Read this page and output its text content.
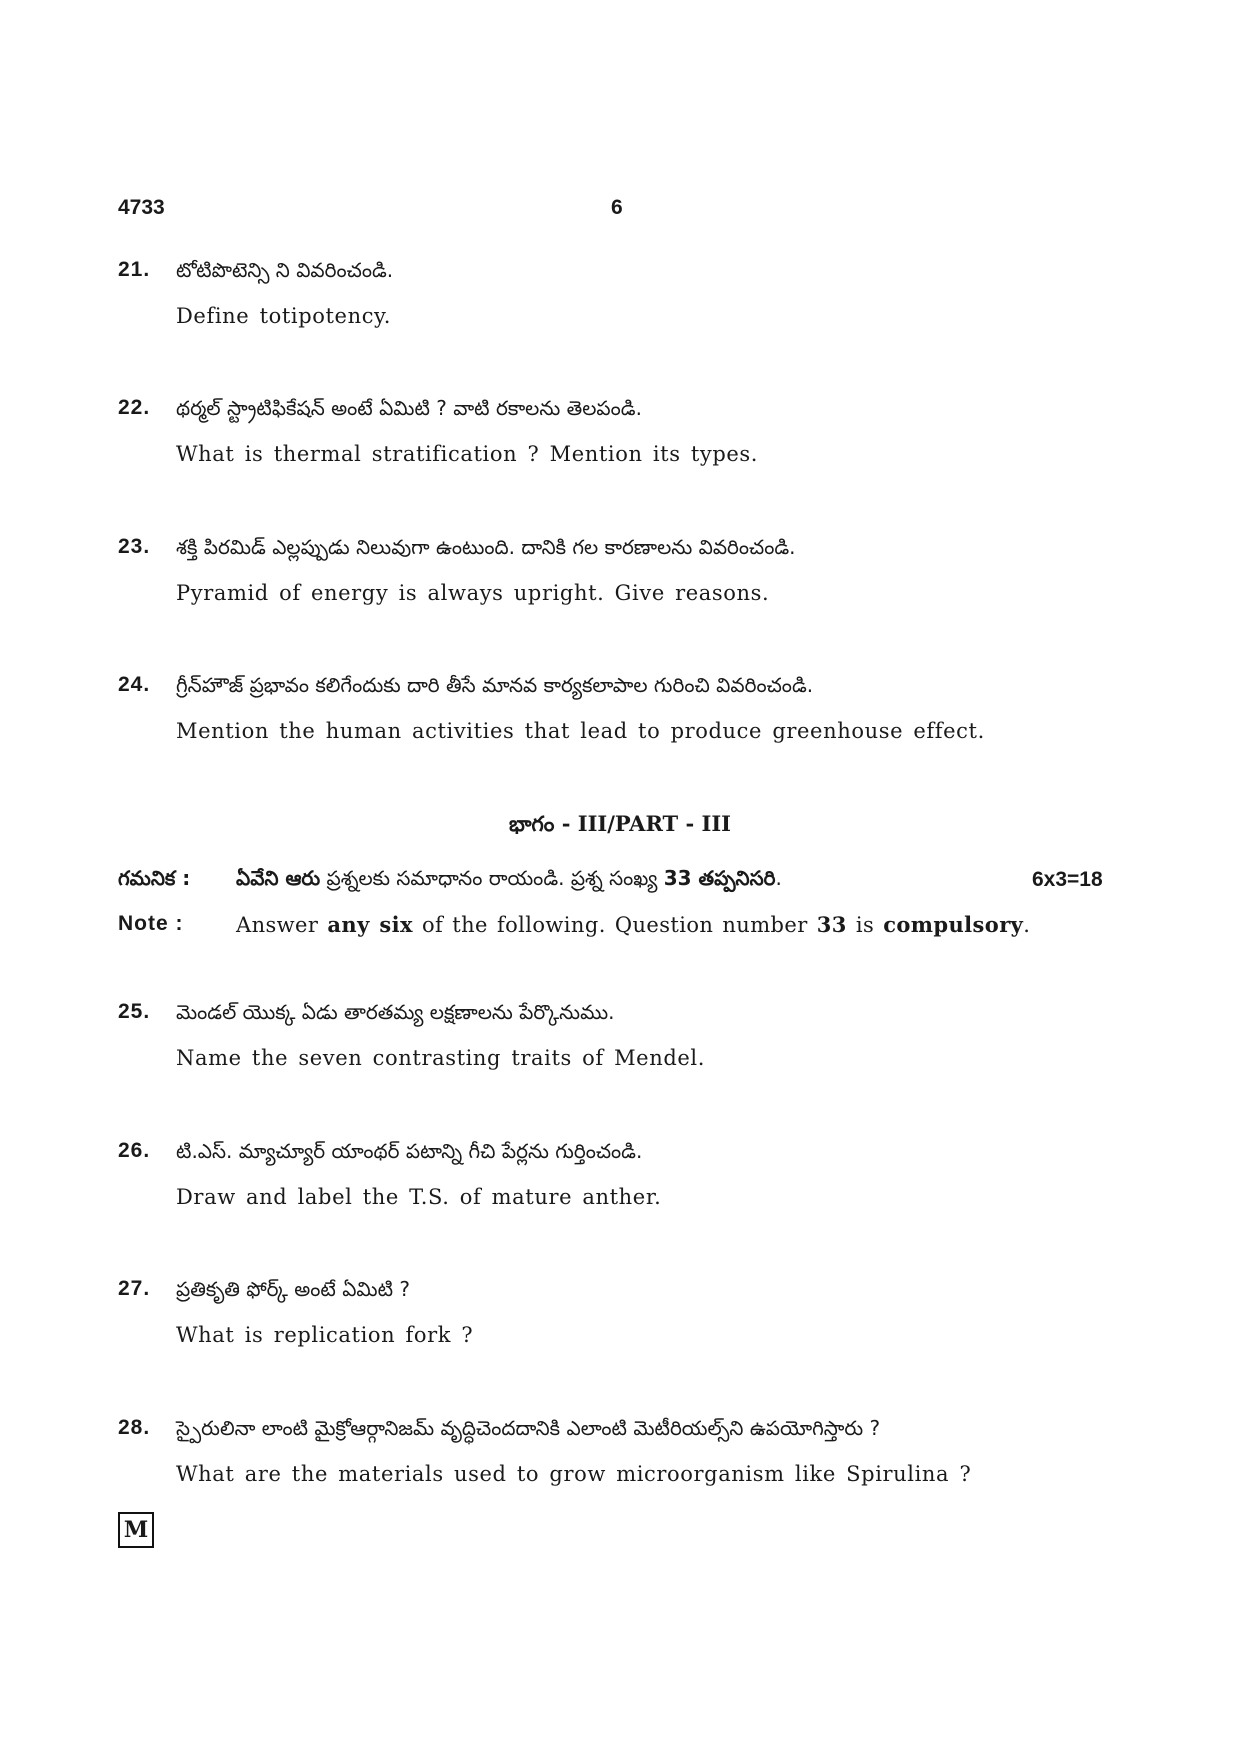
4733	6
21. టోటిపొటెన్సి ని వివరించండి.
Define totipotency.
22. థర్మల్ స్ట్రాటిఫికేషన్ అంటే ఏమిటి ? వాటి రకాలను తెలపండి.
What is thermal stratification ? Mention its types.
23. శక్తి పిరమిడ్ ఎల్లప్పుడు నిలువుగా ఉంటుంది. దానికి గల కారణాలను వివరించండి.
Pyramid of energy is always upright. Give reasons.
24. గ్రీన్‌హౌజ్ ప్రభావం కలిగేందుకు దారి తీసే మానవ కార్యకలాపాల గురించి వివరించండి.
Mention the human activities that lead to produce greenhouse effect.
భాగం - III/PART - III
గమనిక : ఏవేని ఆరు ప్రశ్నలకు సమాధానం రాయండి. ప్రశ్న సంఖ్య 33 తప్పనిసరి.	6x3=18
Note :	Answer any six of the following. Question number 33 is compulsory.
25. మెండల్ యొక్క ఏడు తారతమ్య లక్షణాలను పేర్కొనుము.
Name the seven contrasting traits of Mendel.
26. టి.ఎస్. మ్యాచ్యూర్ యాంథర్ పటాన్ని గీచి పేర్లను గుర్తించండి.
Draw and label the T.S. of mature anther.
27. ప్రతికృతి ఫోర్క్ అంటే ఏమిటి ?
What is replication fork ?
28. స్పైరులినా లాంటి మైక్రోఆర్గానిజమ్ వృద్ధిచెందదానికి ఎలాంటి మెటీరియల్స్‌ని ఉపయోగిస్తారు ?
What are the materials used to grow microorganism like Spirulina ?
M
